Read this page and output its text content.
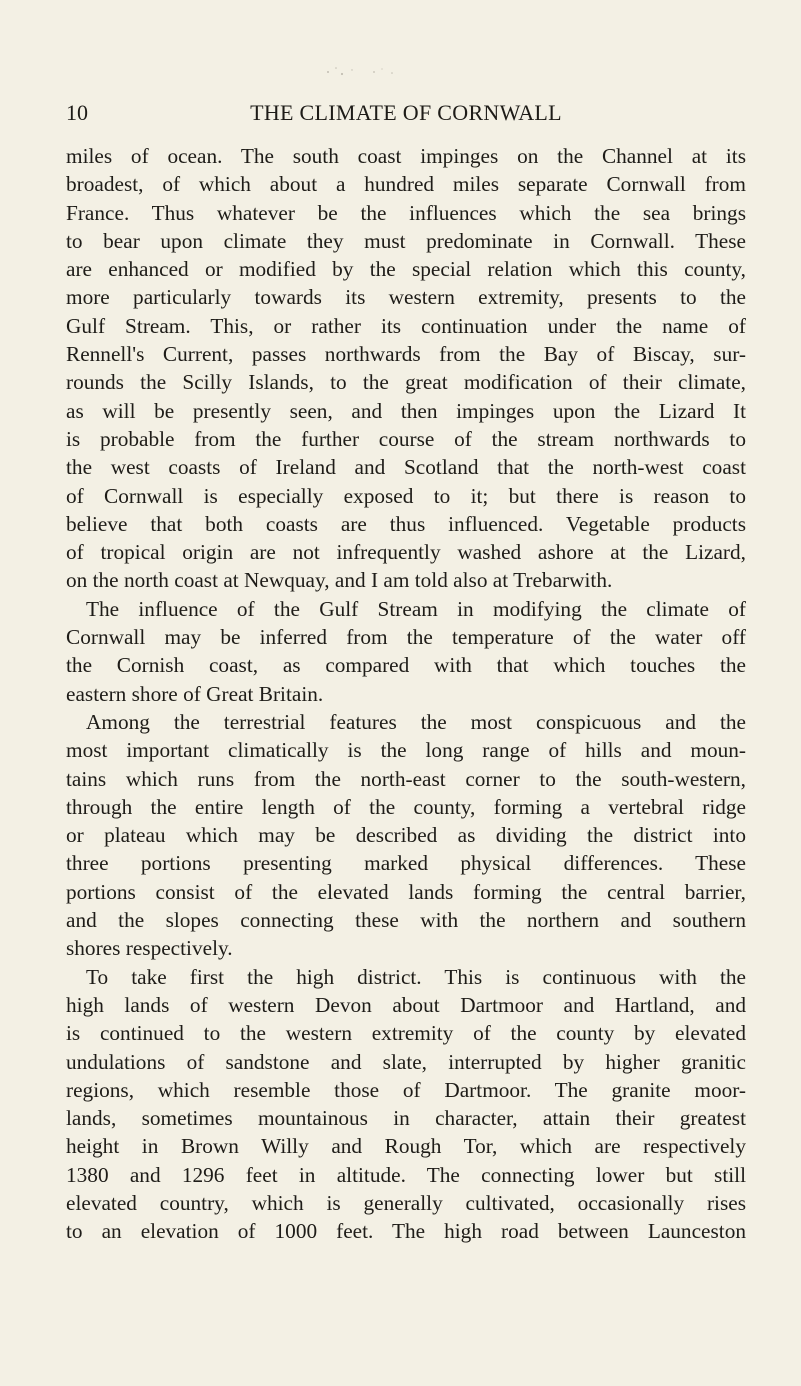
10	THE CLIMATE OF CORNWALL
miles of ocean. The south coast impinges on the Channel at its
broadest, of which about a hundred miles separate Cornwall from
France. Thus whatever be the influences which the sea brings
to bear upon climate they must predominate in Cornwall. These
are enhanced or modified by the special relation which this county,
more particularly towards its western extremity, presents to the
Gulf Stream. This, or rather its continuation under the name of
Rennell's Current, passes northwards from the Bay of Biscay, sur-
rounds the Scilly Islands, to the great modification of their climate,
as will be presently seen, and then impinges upon the Lizard It
is probable from the further course of the stream northwards to
the west coasts of Ireland and Scotland that the north-west coast
of Cornwall is especially exposed to it; but there is reason to
believe that both coasts are thus influenced. Vegetable products
of tropical origin are not infrequently washed ashore at the Lizard,
on the north coast at Newquay, and I am told also at Trebarwith.
The influence of the Gulf Stream in modifying the climate of
Cornwall may be inferred from the temperature of the water off
the Cornish coast, as compared with that which touches the
eastern shore of Great Britain.
Among the terrestrial features the most conspicuous and the
most important climatically is the long range of hills and moun-
tains which runs from the north-east corner to the south-western,
through the entire length of the county, forming a vertebral ridge
or plateau which may be described as dividing the district into
three portions presenting marked physical differences. These
portions consist of the elevated lands forming the central barrier,
and the slopes connecting these with the northern and southern
shores respectively.
To take first the high district. This is continuous with the
high lands of western Devon about Dartmoor and Hartland, and
is continued to the western extremity of the county by elevated
undulations of sandstone and slate, interrupted by higher granitic
regions, which resemble those of Dartmoor. The granite moor-
lands, sometimes mountainous in character, attain their greatest
height in Brown Willy and Rough Tor, which are respectively
1380 and 1296 feet in altitude. The connecting lower but still
elevated country, which is generally cultivated, occasionally rises
to an elevation of 1000 feet. The high road between Launceston
